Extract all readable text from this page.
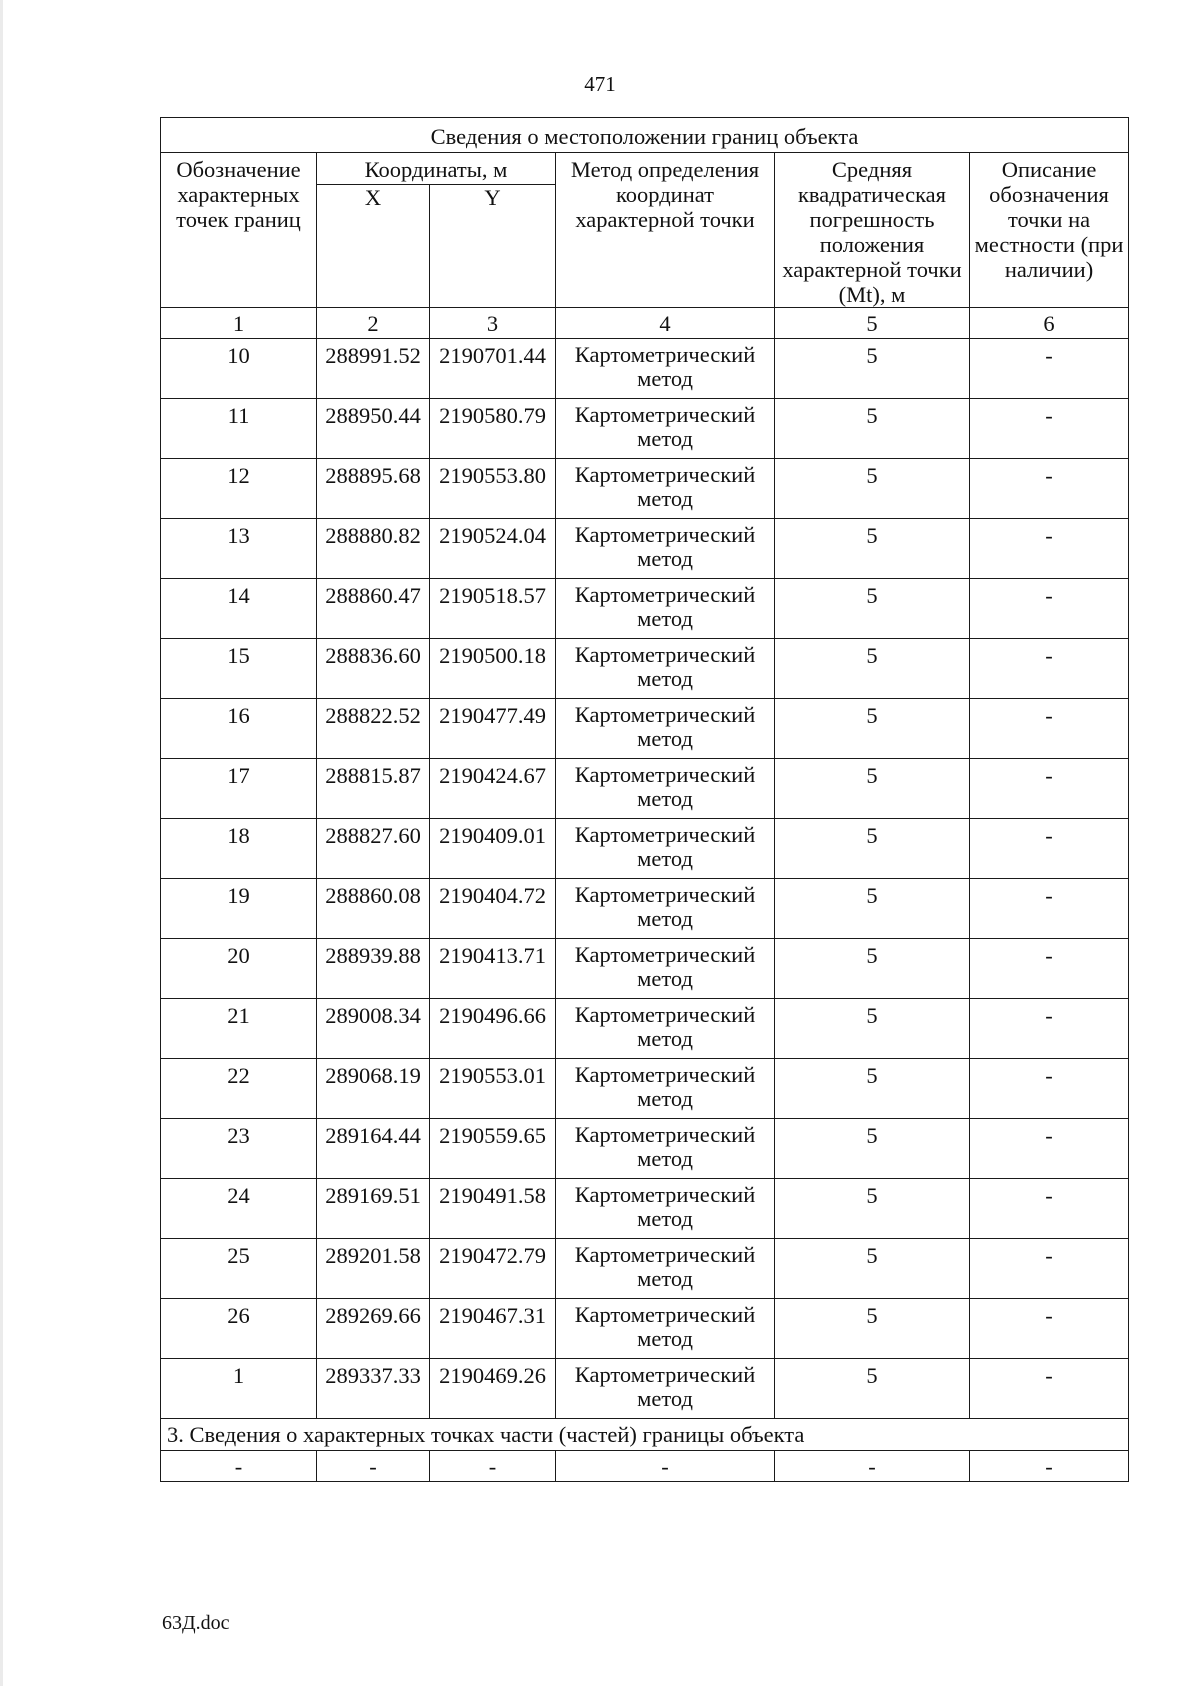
471
Сведения о местоположении границ объекта					
Обозначение характерных точек границ	Координаты, м		Метод определения координат характерной точки	Средняя квадратическая погрешность положения характерной точки (Mt), м	Описание обозначения точки на местности (при наличии)
	X	Y			
1	2	3	4	5	6
10	288991.52	2190701.44	Картометрический метод	5	-
11	288950.44	2190580.79	Картометрический метод	5	-
12	288895.68	2190553.80	Картометрический метод	5	-
13	288880.82	2190524.04	Картометрический метод	5	-
14	288860.47	2190518.57	Картометрический метод	5	-
15	288836.60	2190500.18	Картометрический метод	5	-
16	288822.52	2190477.49	Картометрический метод	5	-
17	288815.87	2190424.67	Картометрический метод	5	-
18	288827.60	2190409.01	Картометрический метод	5	-
19	288860.08	2190404.72	Картометрический метод	5	-
20	288939.88	2190413.71	Картометрический метод	5	-
21	289008.34	2190496.66	Картометрический метод	5	-
22	289068.19	2190553.01	Картометрический метод	5	-
23	289164.44	2190559.65	Картометрический метод	5	-
24	289169.51	2190491.58	Картометрический метод	5	-
25	289201.58	2190472.79	Картометрический метод	5	-
26	289269.66	2190467.31	Картометрический метод	5	-
1	289337.33	2190469.26	Картометрический метод	5	-
3. Сведения о характерных точках части (частей) границы объекта					
-	-	-	-	-	-
63Д.doc
